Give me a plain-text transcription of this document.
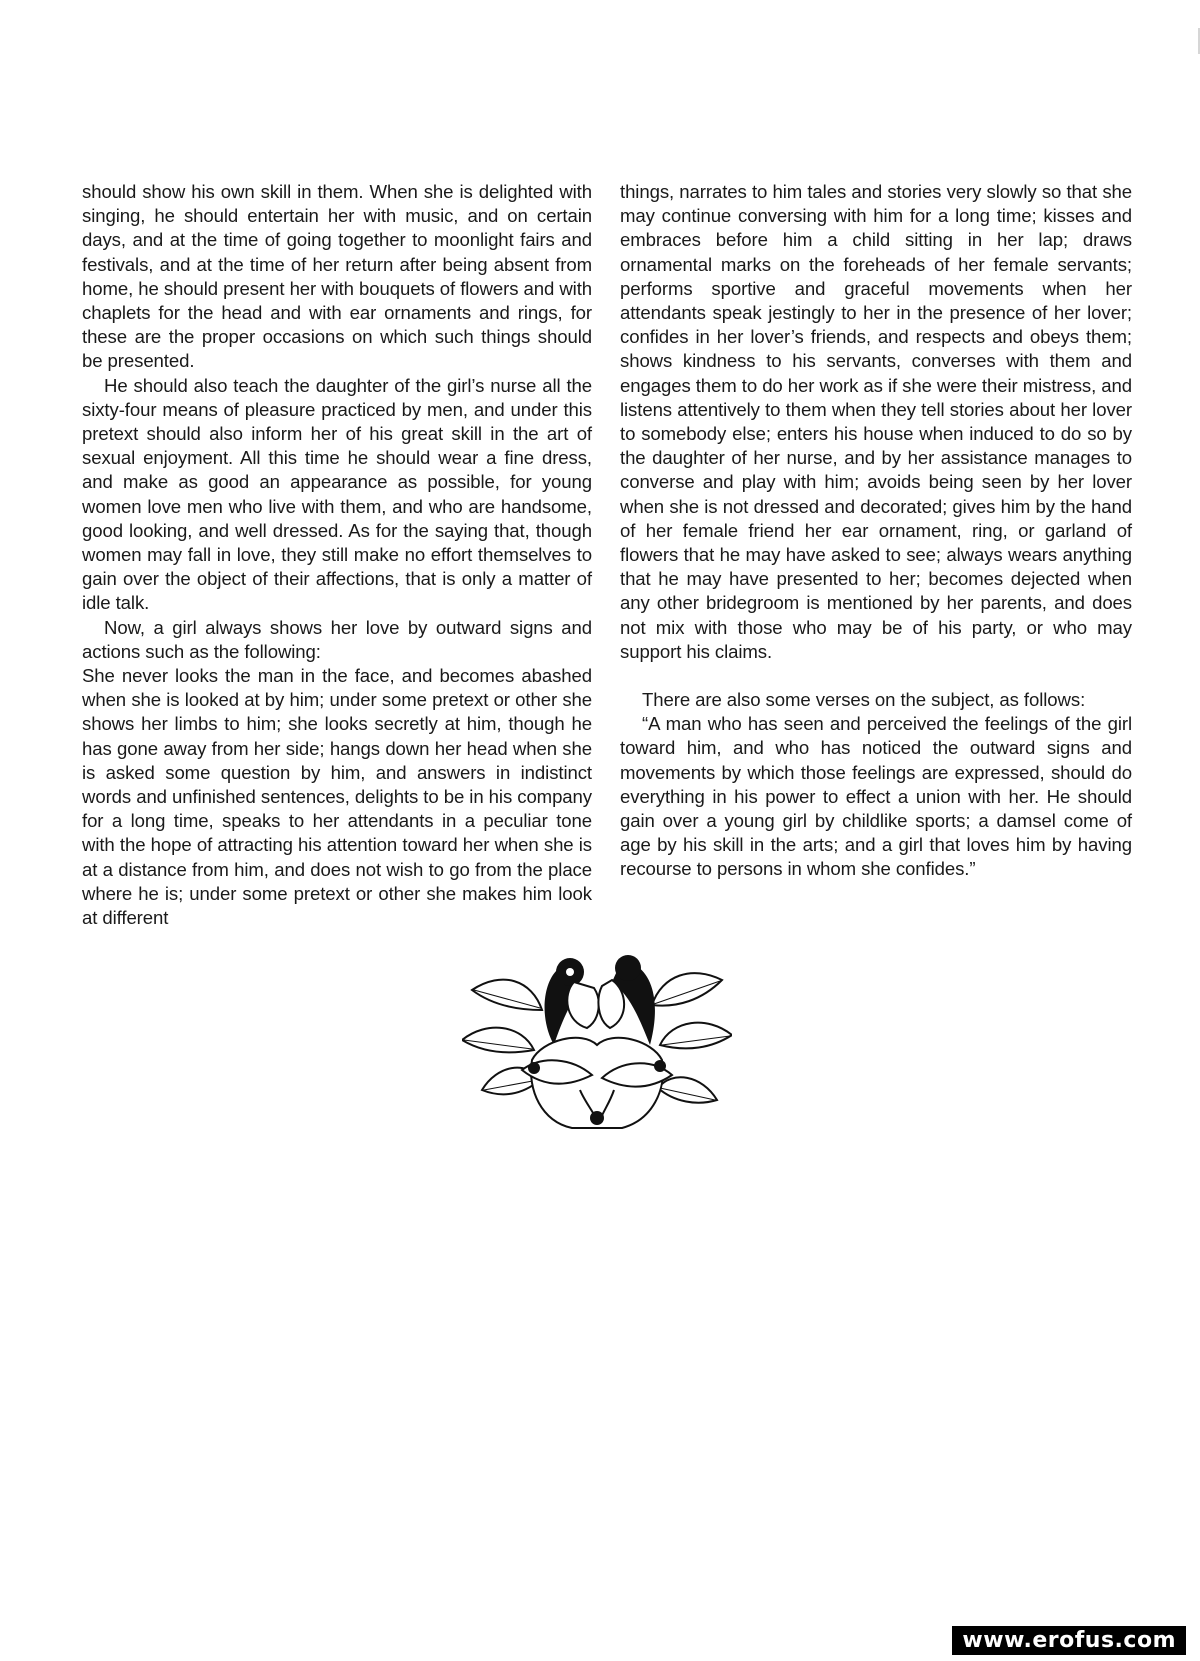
should show his own skill in them. When she is delighted with singing, he should entertain her with music, and on certain days, and at the time of going together to moonlight fairs and festivals, and at the time of her return after being absent from home, he should present her with bouquets of flowers and with chaplets for the head and with ear ornaments and rings, for these are the proper occasions on which such things should be presented.

He should also teach the daughter of the girl’s nurse all the sixty-four means of pleasure practiced by men, and under this pretext should also inform her of his great skill in the art of sexual enjoyment. All this time he should wear a fine dress, and make as good an appearance as possible, for young women love men who live with them, and who are handsome, good looking, and well dressed. As for the saying that, though women may fall in love, they still make no effort themselves to gain over the object of their affections, that is only a matter of idle talk.

Now, a girl always shows her love by outward signs and actions such as the following:

She never looks the man in the face, and becomes abashed when she is looked at by him; under some pretext or other she shows her limbs to him; she looks secretly at him, though he has gone away from her side; hangs down her head when she is asked some question by him, and answers in indistinct words and unfinished sentences, delights to be in his company for a long time, speaks to her attendants in a peculiar tone with the hope of attracting his attention toward her when she is at a distance from him, and does not wish to go from the place where he is; under some pretext or other she makes him look at different

things, narrates to him tales and stories very slowly so that she may continue conversing with him for a long time; kisses and embraces before him a child sitting in her lap; draws ornamental marks on the foreheads of her female servants; performs sportive and graceful movements when her attendants speak jestingly to her in the presence of her lover; confides in her lover’s friends, and respects and obeys them; shows kindness to his servants, converses with them and engages them to do her work as if she were their mistress, and listens attentively to them when they tell stories about her lover to somebody else; enters his house when induced to do so by the daughter of her nurse, and by her assistance manages to converse and play with him; avoids being seen by her lover when she is not dressed and decorated; gives him by the hand of her female friend her ear ornament, ring, or garland of flowers that he may have asked to see; always wears anything that he may have presented to her; becomes dejected when any other bridegroom is mentioned by her parents, and does not mix with those who may be of his party, or who may support his claims.

There are also some verses on the subject, as follows:

“A man who has seen and perceived the feelings of the girl toward him, and who has noticed the outward signs and movements by which those feelings are expressed, should do everything in his power to effect a union with her. He should gain over a young girl by childlike sports; a damsel come of age by his skill in the arts; and a girl that loves him by having recourse to persons in whom she confides.”

www.erofus.com
